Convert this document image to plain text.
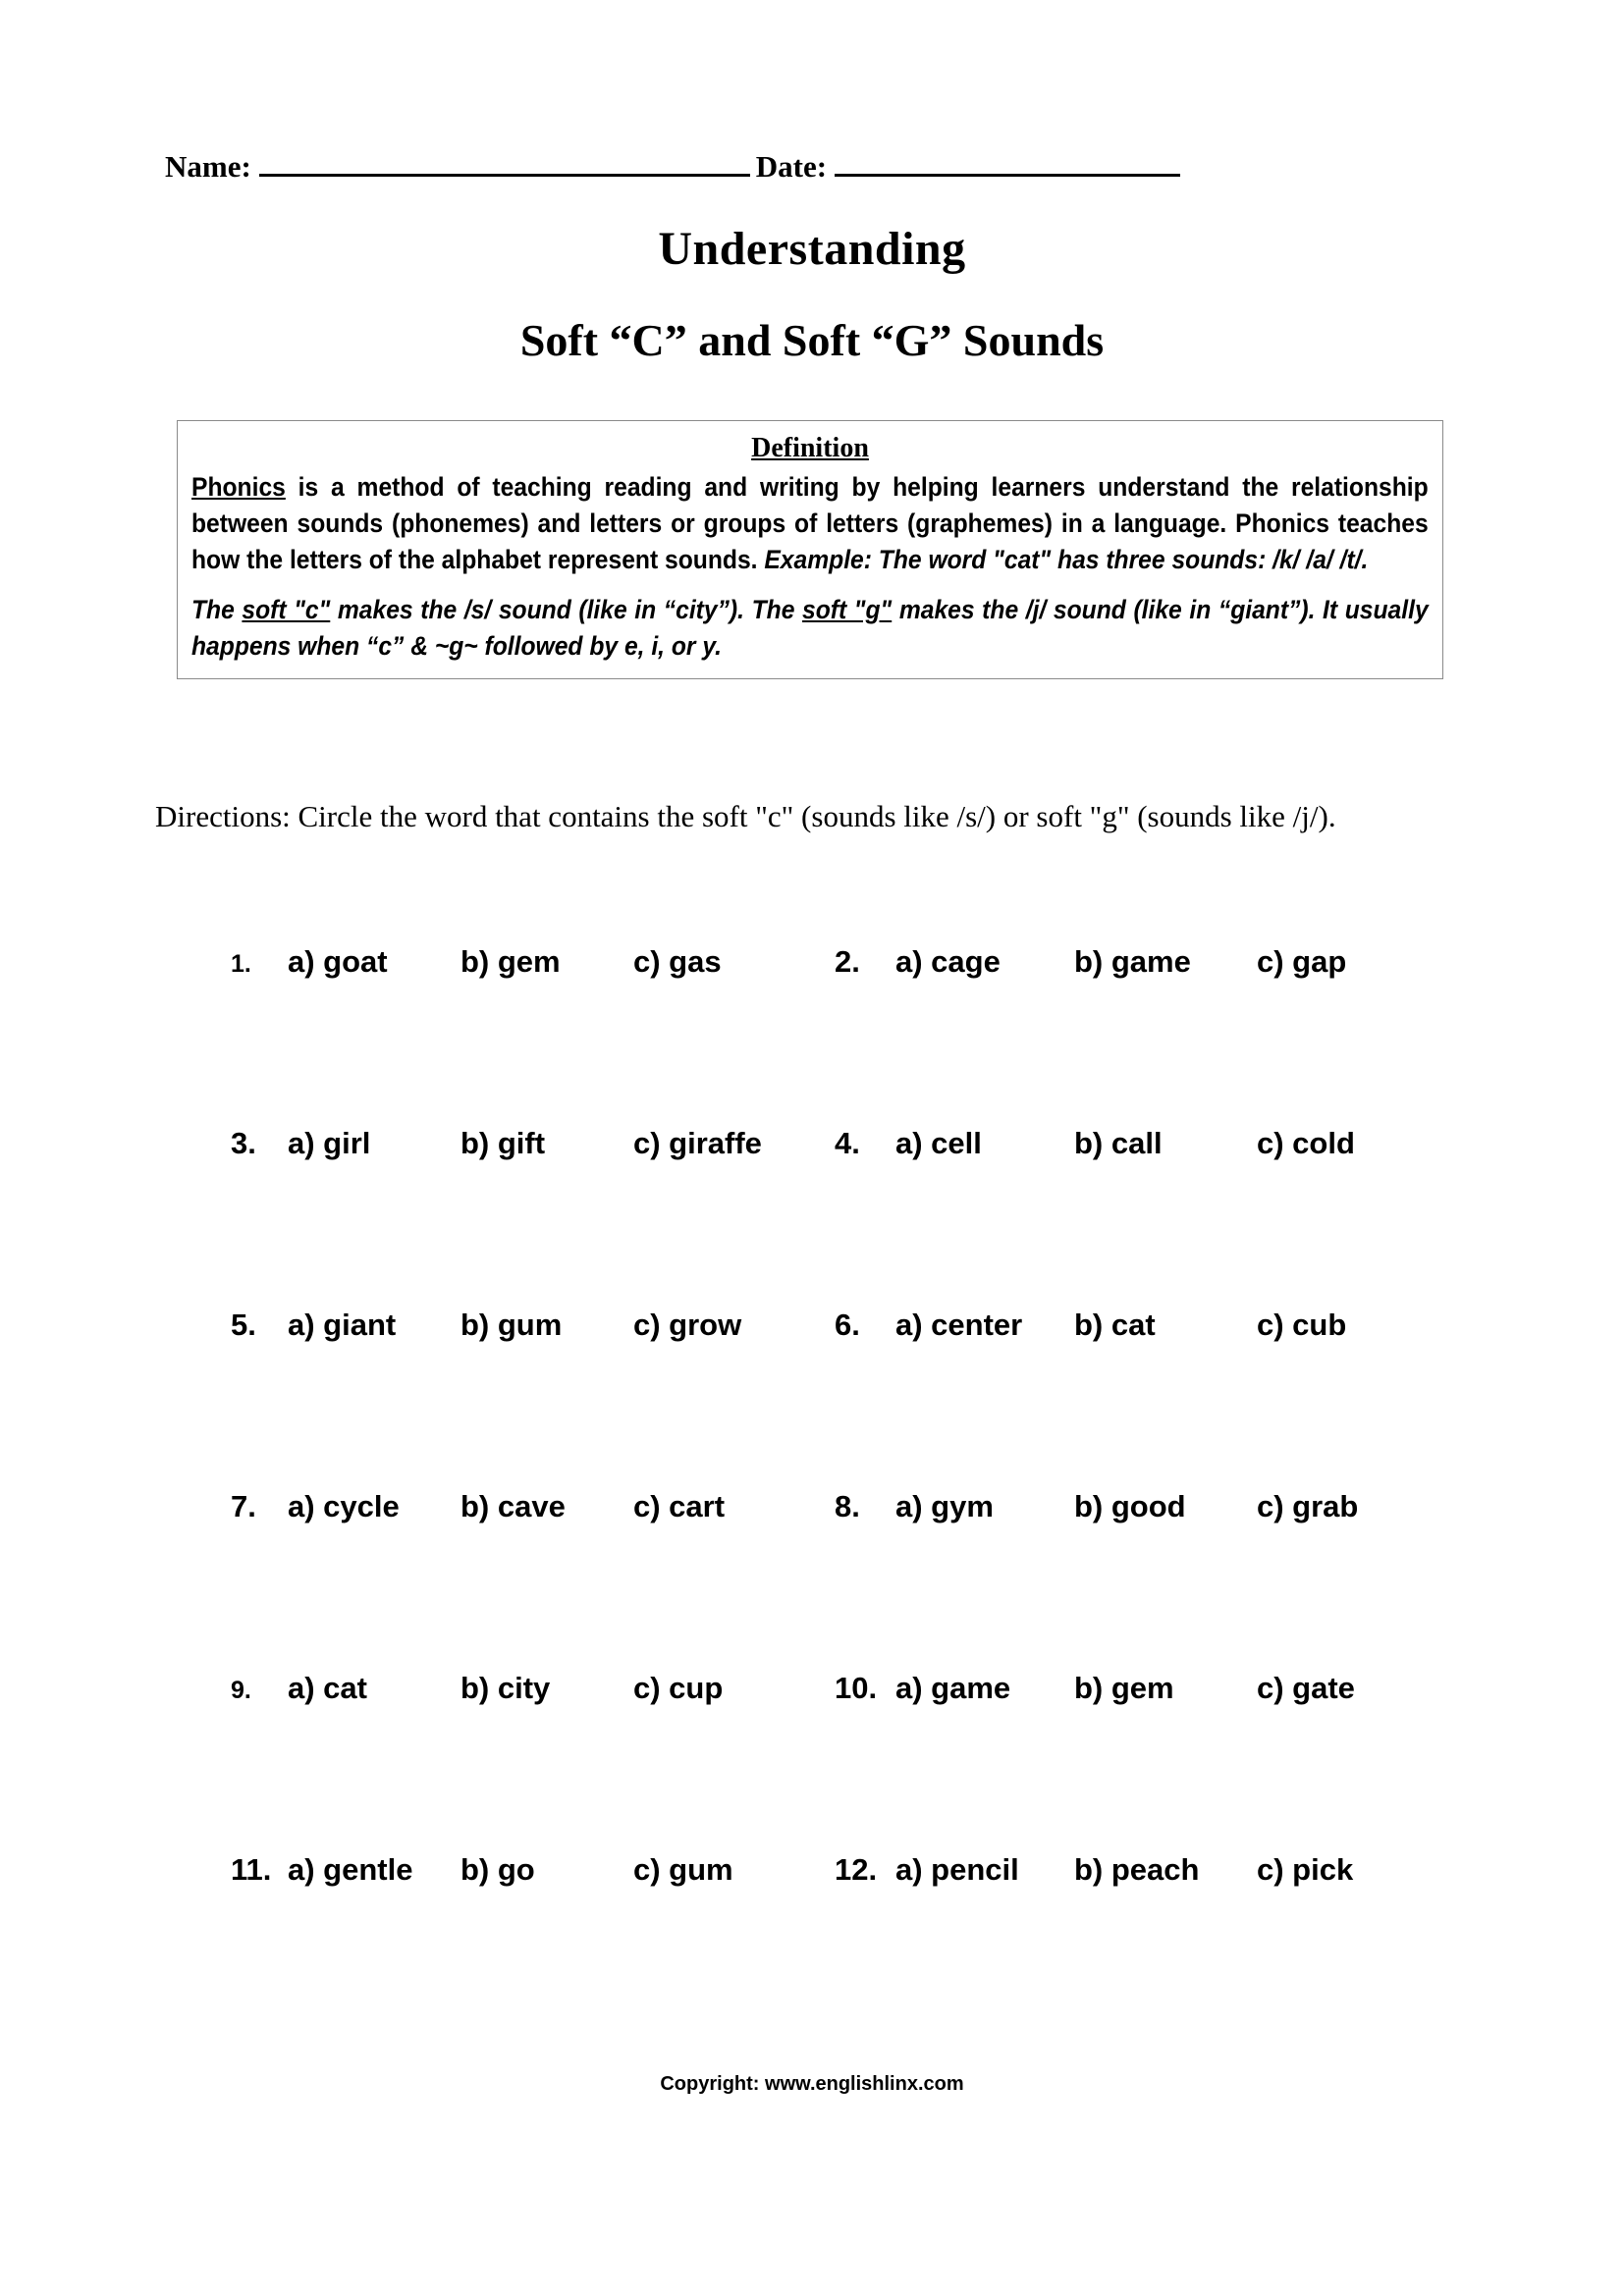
Name:	Date:
Understanding
Soft “C” and Soft “G” Sounds
Definition
Phonics is a method of teaching reading and writing by helping learners understand the relationship between sounds (phonemes) and letters or groups of letters (graphemes) in a language. Phonics teaches how the letters of the alphabet represent sounds. Example: The word "cat" has three sounds: /k/ /a/ /t/.
The soft "c" makes the /s/ sound (like in “city”). The soft "g" makes the /j/ sound (like in “giant”). It usually happens when “c” & ~g~ followed by e, i, or y.
Directions: Circle the word that contains the soft "c" (sounds like /s/) or soft "g" (sounds like /j/).
1.	a) goat	b) gem	c) gas	2.	a) cage	b) game	c) gap
3.	a) girl	b) gift	c) giraffe	4.	a) cell	b) call	c) cold
5.	a) giant	b) gum	c) grow	6.	a) center	b) cat	c) cub
7.	a) cycle	b) cave	c) cart	8.	a) gym	b) good	c) grab
9.	a) cat	b) city	c) cup	10. a) game	b) gem	c) gate
11. a) gentle	b) go	c) gum	12. a) pencil	b) peach	c) pick
Copyright: www.englishlinx.com
